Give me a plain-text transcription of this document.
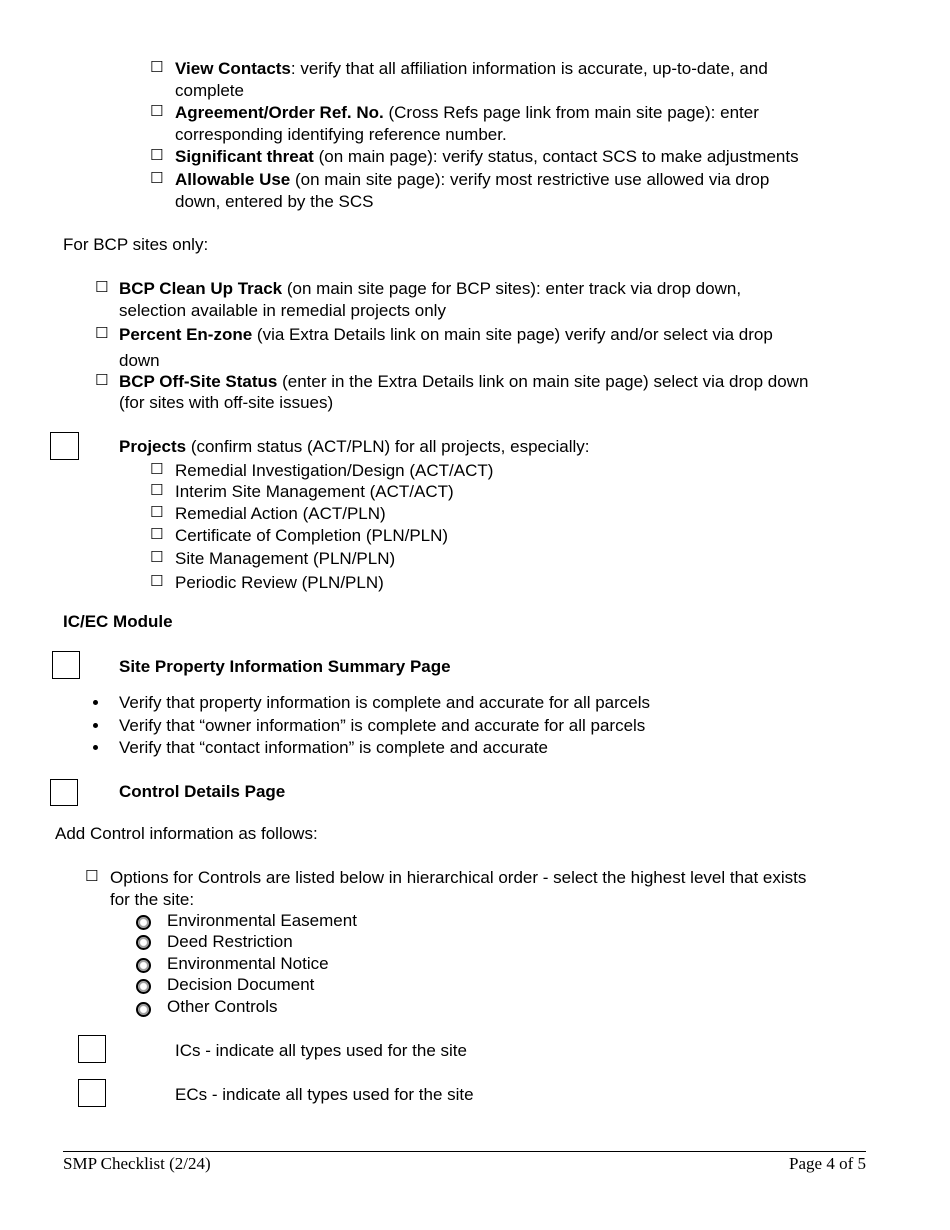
☐ View Contacts: verify that all affiliation information is accurate, up-to-date, and
complete
☐ Agreement/Order Ref. No. (Cross Refs page link from main site page): enter
corresponding identifying reference number.
☐ Significant threat (on main page): verify status, contact SCS to make adjustments
☐ Allowable Use (on main site page): verify most restrictive use allowed via drop
down, entered by the SCS
For BCP sites only:
☐ BCP Clean Up Track (on main site page for BCP sites): enter track via drop down,
selection available in remedial projects only
☐ Percent En-zone (via Extra Details link on main site page) verify and/or select via drop
down
☐ BCP Off-Site Status (enter in the Extra Details link on main site page) select via drop down
(for sites with off-site issues)
Projects (confirm status (ACT/PLN) for all projects, especially:
☐ Remedial Investigation/Design (ACT/ACT)
☐ Interim Site Management (ACT/ACT)
☐ Remedial Action (ACT/PLN)
☐ Certificate of Completion (PLN/PLN)
☐ Site Management (PLN/PLN)
☐ Periodic Review (PLN/PLN)
IC/EC Module
Site Property Information Summary Page
Verify that property information is complete and accurate for all parcels
Verify that “owner information” is complete and accurate for all parcels
Verify that “contact information” is complete and accurate
Control Details Page
Add Control information as follows:
☐ Options for Controls are listed below in hierarchical order - select the highest level that exists
for the site:
Environmental Easement
Deed Restriction
Environmental Notice
Decision Document
Other Controls
ICs - indicate all types used for the site
ECs - indicate all types used for the site
SMP Checklist (2/24)	Page 4 of 5
